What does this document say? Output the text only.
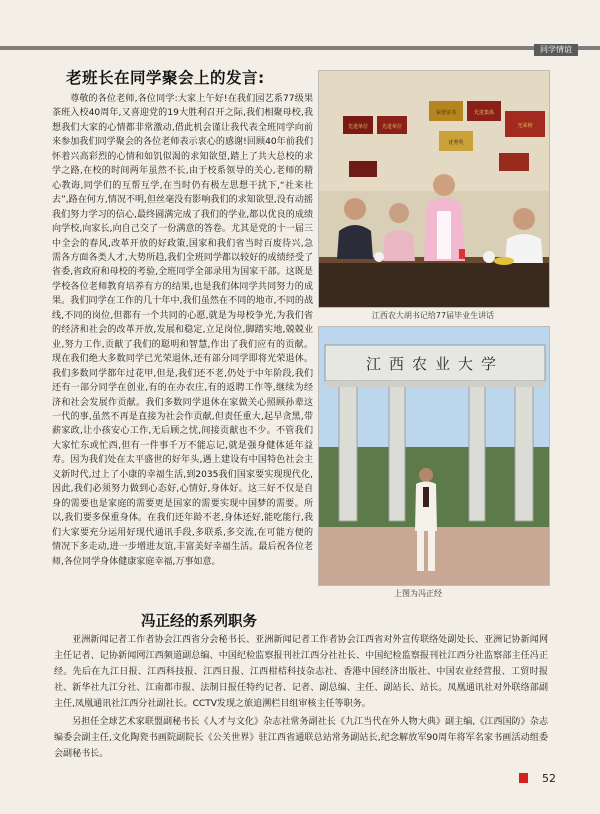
同学情谊
老班长在同学聚会上的发言:

尊敬的各位老师,各位同学:大家上午好!在我们园艺系77级果茶班入校40周年,又喜迎党的19大胜利召开之际,我们相聚母校,我想我们大家的心情都非常激动,借此机会谨让我代表全班同学向前来参加我们同学聚会的各位老师表示衷心的感谢!回顾40年前我们怀着兴高彩烈的心情和如饥似渴的求知欲望,踏上了共大总校的求学之路,在校的时间两年虽然不长,由于校系领导的关心,老师的精心教诲,同学们的互帮互学,在当时仍有极左思想干扰下,“社来社去”,路在何方,情况不明,但丝毫没有影响我们的求知欲望,没有动摇我们努力学习的信心,最终圆满完成了我们的学业,都以优良的成绩向学校,向家长,向自己交了一份满意的答卷。尤其是党的十一届三中全会的春风,改革开放的好政策,国家和我们省当时百废待兴,急需各方面各类人才,大势所趋,我们全班同学都以较好的成绩经受了省委,省政府和母校的考验,全班同学全部录用为国家干部。这既是学校各位老师教育培养有方的结果,也是我们体同学共同努力的成果。我们同学在工作的几十年中,我们虽然在不同的地市,不同的战线,不同的岗位,但都有一个共同的心愿,就是为母校争光,为我们省的经济和社会的改革开放,发展和稳定,立足岗位,脚踏实地,兢兢业业,努力工作,贡献了我们的聪明和智慧,作出了我们应有的贡献。现在我们绝大多数同学已光荣退休,还有部分同学即将光荣退休。我们多数同学都年过花甲,但是,我们还不老,仍处于中年阶段,我们还有一部分同学在创业,有的在办农庄,有的返聘工作等,继续为经济和社会发展作贡献。我们多数同学退休在家做关心照顾孙辈这一代的事,虽然不再是直接为社会作贡献,但责任重大,起早贪黑,带薪家政,让小孩安心工作,无后顾之忧,间接贡献也不少。不管我们大家忙东或忙西,但有一件事千万不能忘记,就是强身健体延年益寿。因为我们处在太平盛世的好年头,遇上建设有中国特色社会主义新时代,过上了小康的幸福生活,到2035我们国家要实现现代化,因此,我们必须努力做到心态好,心情好,身体好。这三好不仅是自身的需要也是家庭的需要更是国家的需要实现中国梦的需要。所以,我们要多保重身体。在我们还年龄不老,身体还好,能吃能行,我们大家要充分运用好现代通讯手段,多联系,多交流,在可能方便的情况下多走动,进一步增进友谊,丰富美好幸福生活。最后祝各位老师,各位同学身体健康家庭幸福,万事如意。

先进单位	先进单位
荣誉证书	先进集体
优秀奖
光荣榜
江西农大胡书记给77届毕业生讲话
江西农业大学
上图为冯正经
冯正经的系列职务

亚洲新闻记者工作者协会江西省分会秘书长、亚洲新闻记者工作者协会江西省对外宣传联络处副处长、亚洲记协新闻网主任记者、记协新闻网江西频道副总编、中国纪检监察报刊社江西分社社长、中国纪检监察报刊社江西分社监察部主任冯正经。先后在九江日报、江西科技报、江西日报、江西柑桔科技杂志社、香港中国经济出版社、中国农业经营报、工贸时报社、新华社九江分社、江南都市报、法制日报任特约记者、记者、副总编、主任、副站长、站长。凤凰通讯社对外联络部副主任,凤凰通讯社江西分社副社长。CCTV发现之旅追溯栏目组审核主任等职务。

另担任全球艺术家联盟副秘书长《人才与文化》杂志社常务副社长《九江当代在外人物大典》副主编,《江西国防》杂志编委会副主任,文化陶瓷书画院副院长《公关世界》驻江西省通联总站常务副站长,纪念解放军90周年将军名家书画活动组委会副秘书长。

52
